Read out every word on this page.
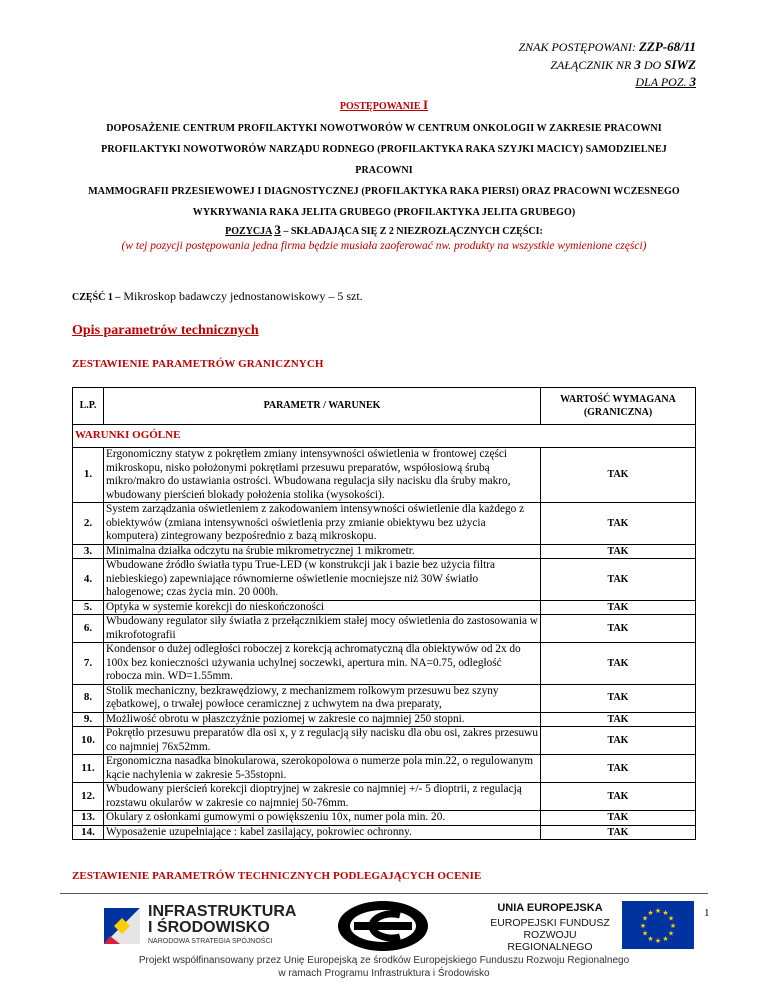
ZNAK POSTĘPOWANI: ZZP-68/11
ZAŁĄCZNIK NR 3 DO SIWZ
DLA POZ. 3
POSTĘPOWANIE I
DOPOSAŻENIE CENTRUM PROFILAKTYKI NOWOTWORÓW W CENTRUM ONKOLOGII W ZAKRESIE PRACOWNI
PROFILAKTYKI NOWOTWORÓW NARZĄDU RODNEGO (PROFILAKTYKA RAKA SZYJKI MACICY) SAMODZIELNEJ PRACOWNI
MAMMOGRAFII PRZESIEWOWEJ I DIAGNOSTYCZNEJ (PROFILAKTYKA RAKA PIERSI) ORAZ PRACOWNI WCZESNEGO
WYKRYWANIA RAKA JELITA GRUBEGO (PROFILAKTYKA JELITA GRUBEGO)
POZYCJA 3 – SKŁADAJĄCA SIĘ Z 2 NIEZROZŁĄCZNYCH CZĘŚCI:
(w tej pozycji postępowania jedna firma będzie musiała zaoferować nw. produkty na wszystkie wymienione części)
CZĘŚĆ 1 – Mikroskop badawczy jednostanowiskowy – 5 szt.
Opis parametrów technicznych
ZESTAWIENIE PARAMETRÓW GRANICZNYCH
L.P.	PARAMETR / WARUNEK	WARTOŚĆ WYMAGANA (GRANICZNA)
WARUNKI OGÓLNE		
1.	Ergonomiczny statyw z pokrętłem zmiany intensywności oświetlenia w frontowej części mikroskopu, nisko położonymi pokrętłami przesuwu preparatów, współosiową śrubą mikro/makro do ustawiania ostrości. Wbudowana regulacja siły nacisku dla śruby makro, wbudowany pierścień blokady położenia stolika (wysokości).	TAK
2.	System zarządzania oświetleniem z zakodowaniem intensywności oświetlenie dla każdego z obiektywów (zmiana intensywności oświetlenia przy zmianie obiektywu bez użycia komputera) zintegrowany bezpośrednio z bazą mikroskopu.	TAK
3.	Minimalna działka odczytu na śrubie mikrometrycznej 1 mikrometr.	TAK
4.	Wbudowane źródło światła typu True-LED (w konstrukcji jak i bazie bez użycia filtra niebieskiego) zapewniające równomierne oświetlenie mocniejsze niż 30W światło halogenowe; czas życia min. 20 000h.	TAK
5.	Optyka w systemie korekcji do nieskończoności	TAK
6.	Wbudowany regulator siły światła z przełącznikiem stałej mocy oświetlenia do zastosowania w mikrofotografii	TAK
7.	Kondensor o dużej odległości roboczej z korekcją achromatyczną dla obiektywów od 2x do 100x bez konieczności używania uchylnej soczewki, apertura min. NA=0.75, odległość robocza min. WD=1.55mm.	TAK
8.	Stolik mechaniczny, bezkrawędziowy, z mechanizmem rolkowym przesuwu bez szyny zębatkowej, o trwałej powłoce ceramicznej z uchwytem na dwa preparaty,	TAK
9.	Możliwość obrotu w płaszczyźnie poziomej w zakresie co najmniej 250 stopni.	TAK
10.	Pokrętło przesuwu preparatów dla osi x, y z regulacją siły nacisku dla obu osi, zakres przesuwu co najmniej 76x52mm.	TAK
11.	Ergonomiczna nasadka binokularowa, szerokopolowa o numerze pola min.22, o regulowanym kącie nachylenia w zakresie 5-35stopni.	TAK
12.	Wbudowany pierścień korekcji dioptryjnej w zakresie co najmniej +/- 5 dioptrii, z regulacją rozstawu okularów w zakresie co najmniej 50-76mm.	TAK
13.	Okulary z osłonkami gumowymi o powiększeniu 10x, numer pola min. 20.	TAK
14.	Wyposażenie uzupełniające : kabel zasilający, pokrowiec ochronny.	TAK
ZESTAWIENIE PARAMETRÓW TECHNICZNYCH PODLEGAJĄCYCH OCENIE
INFRASTRUKTURA
I ŚRODOWISKO
NARODOWA STRATEGIA SPÓJNOŚCI
UNIA EUROPEJSKA
EUROPEJSKI FUNDUSZ
ROZWOJU REGIONALNEGO
★
★
★
★
★
★
★
★
★ ★ ★
★	1
Projekt współfinansowany przez Unię Europejską ze środków Europejskiego Funduszu Rozwoju Regionalnego
w ramach Programu Infrastruktura i Środowisko
